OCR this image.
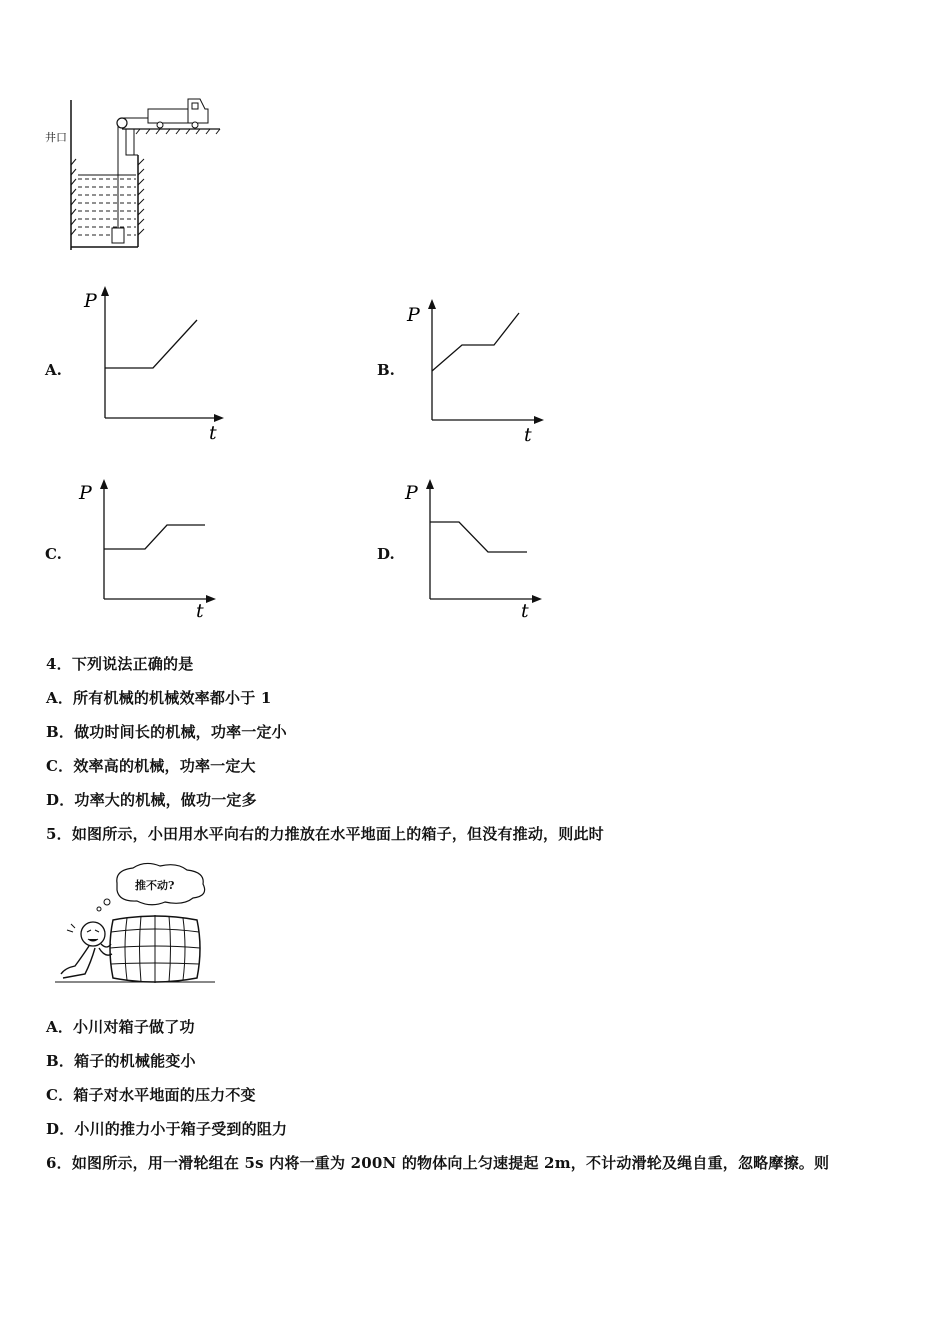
井口
A.
P
t
B.
P
t
C.
P
t
D.
P
t
4．下列说法正确的是
A．所有机械的机械效率都小于 1
B．做功时间长的机械，功率一定小
C．效率高的机械，功率一定大
D．功率大的机械，做功一定多
5．如图所示，小田用水平向右的力推放在水平地面上的箱子，但没有推动，则此时
推不动?
A．小川对箱子做了功
B．箱子的机械能变小
C．箱子对水平地面的压力不变
D．小川的推力小于箱子受到的阻力
6．如图所示，用一滑轮组在 5s 内将一重为 200N 的物体向上匀速提起 2m，不计动滑轮及绳自重，忽略摩擦。则
